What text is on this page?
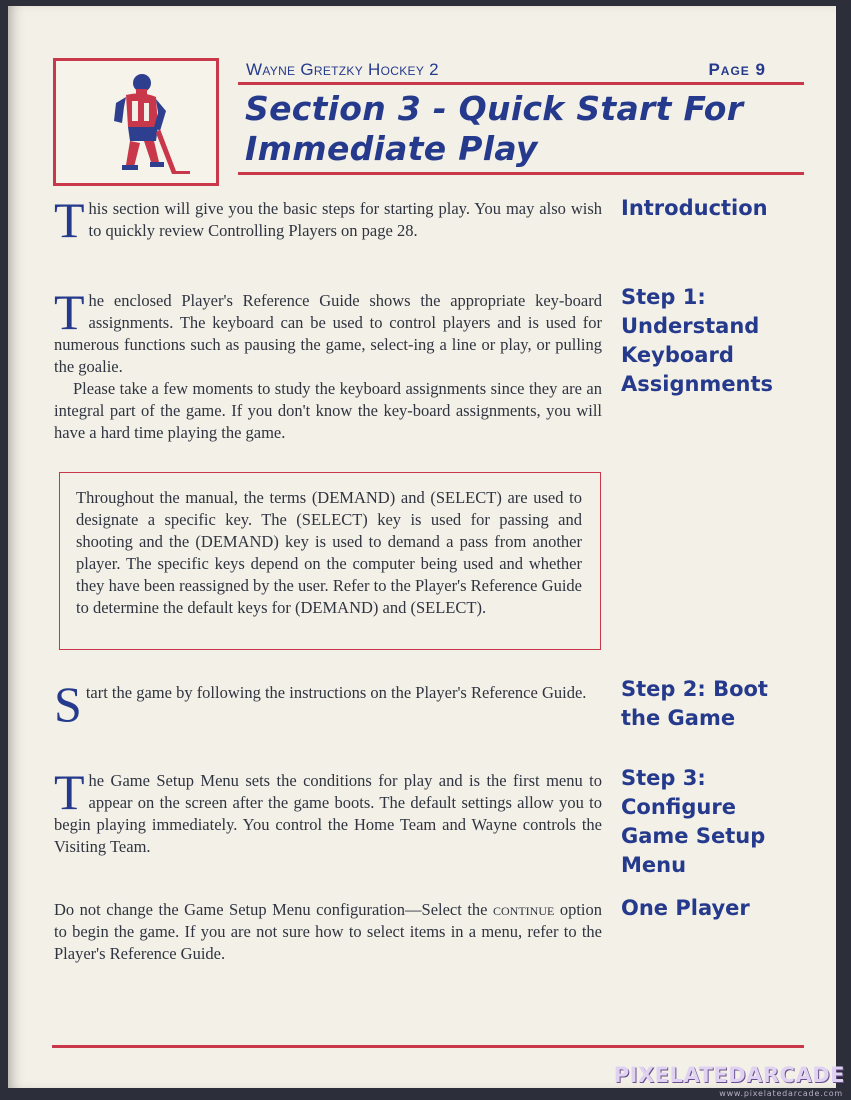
Wayne Gretzky Hockey 2	Page 9
Section 3 - Quick Start For Immediate Play

This section will give you the basic steps for starting play. You may also wish to quickly review Controlling Players on page 28.

Introduction

The enclosed Player's Reference Guide shows the appropriate key-board assignments. The keyboard can be used to control players and is used for numerous functions such as pausing the game, select-ing a line or play, or pulling the goalie.

Please take a few moments to study the keyboard assignments since they are an integral part of the game. If you don't know the key-board assignments, you will have a hard time playing the game.

Step 1: Understand Keyboard Assignments

Throughout the manual, the terms (DEMAND) and (SELECT) are used to designate a specific key. The (SELECT) key is used for passing and shooting and the (DEMAND) key is used to demand a pass from another player. The specific keys depend on the computer being used and whether they have been reassigned by the user. Refer to the Player's Reference Guide to determine the default keys for (DEMAND) and (SELECT).

Start the game by following the instructions on the Player's Reference Guide.	Step 2: Boot the Game

The Game Setup Menu sets the conditions for play and is the first menu to appear on the screen after the game boots. The default settings allow you to begin playing immediately. You control the Home Team and Wayne controls the Visiting Team.

Step 3: Configure Game Setup Menu

Do not change the Game Setup Menu configuration—Select the continue option to begin the game. If you are not sure how to select items in a menu, refer to the Player's Reference Guide.

One Player
PIXELATEDARCADE
www.pixelatedarcade.com
